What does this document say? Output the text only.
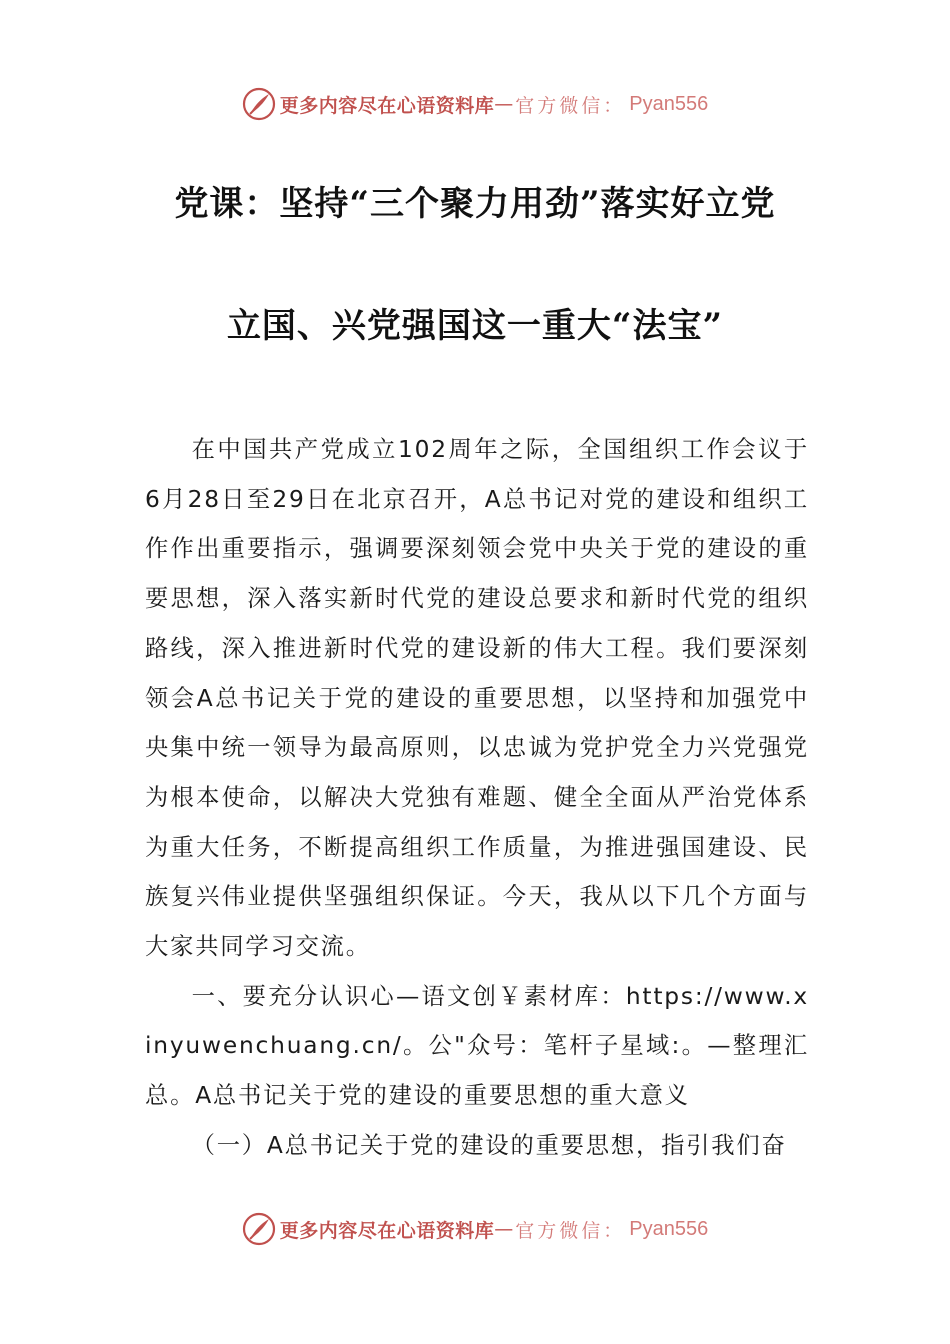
更多内容尽在心语资料库 — 官方微信： Pyan556
党课：坚持“三个聚力用劲”落实好立党
立国、兴党强国这一重大“法宝”

在中国共产党成立102周年之际，全国组织工作会议于6月28日至29日在北京召开，A总书记对党的建设和组织工作作出重要指示，强调要深刻领会党中央关于党的建设的重要思想，深入落实新时代党的建设总要求和新时代党的组织路线，深入推进新时代党的建设新的伟大工程。我们要深刻领会A总书记关于党的建设的重要思想，以坚持和加强党中央集中统一领导为最高原则，以忠诚为党护党全力兴党强党为根本使命，以解决大党独有难题、健全全面从严治党体系为重大任务，不断提高组织工作质量，为推进强国建设、民族复兴伟业提供坚强组织保证。今天，我从以下几个方面与大家共同学习交流。

一、要充分认识心—语文创￥素材库：https://www.xinyuwenchuang.cn/。公"众号：笔杆子星域:。—整理汇总。A总书记关于党的建设的重要思想的重大意义

（一）A总书记关于党的建设的重要思想，指引我们奋

更多内容尽在心语资料库 — 官方微信： Pyan556
